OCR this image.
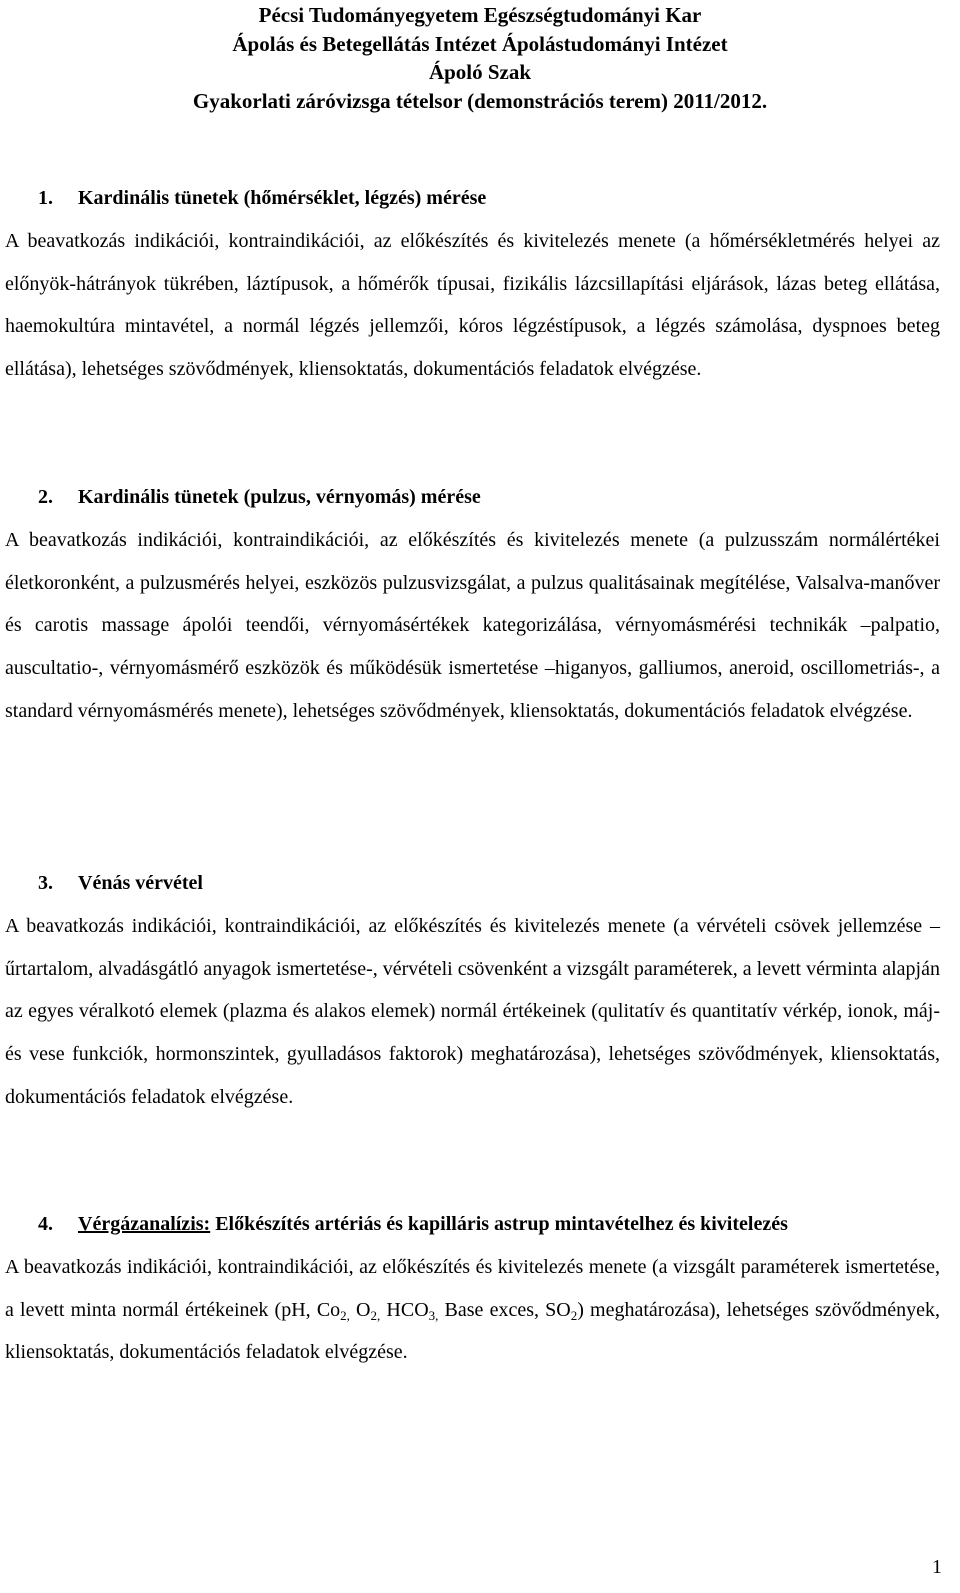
Pécsi Tudományegyetem Egészségtudományi Kar
Ápolás és Betegellátás Intézet Ápolástudományi Intézet
Ápoló Szak
Gyakorlati záróvizsga tételsor (demonstrációs terem) 2011/2012.
1. Kardinális tünetek (hőmérséklet, légzés) mérése
A beavatkozás indikációi, kontraindikációi, az előkészítés és kivitelezés menete (a hőmérsékletmérés helyei az előnyök-hátrányok tükrében, láztípusok, a hőmérők típusai, fizikális lázcsillapítási eljárások, lázas beteg ellátása, haemokultúra mintavétel, a normál légzés jellemzői, kóros légzéstípusok, a légzés számolása, dyspnoes beteg ellátása), lehetséges szövődmények, kliensoktatás, dokumentációs feladatok elvégzése.
2. Kardinális tünetek (pulzus, vérnyomás) mérése
A beavatkozás indikációi, kontraindikációi, az előkészítés és kivitelezés menete (a pulzusszám normálértékei életkoronként, a pulzusmérés helyei, eszközös pulzusvizsgálat, a pulzus qualitásainak megítélése, Valsalva-manőver és carotis massage ápolói teendői, vérnyomásértékek kategorizálása, vérnyomásmérési technikák –palpatio, auscultatio-, vérnyomásmérő eszközök és működésük ismertetése –higanyos, galliumos, aneroid, oscillometriás-, a standard vérnyomásmérés menete), lehetséges szövődmények, kliensoktatás, dokumentációs feladatok elvégzése.
3. Vénás vérvétel
A beavatkozás indikációi, kontraindikációi, az előkészítés és kivitelezés menete (a vérvételi csövek jellemzése –űrtartalom, alvadásgátló anyagok ismertetése-, vérvételi csövenként a vizsgált paraméterek, a levett vérminta alapján az egyes véralkotó elemek (plazma és alakos elemek) normál értékeinek (qulitatív és quantitatív vérkép, ionok, máj-és vese funkciók, hormonszintek, gyulladásos faktorok) meghatározása), lehetséges szövődmények, kliensoktatás, dokumentációs feladatok elvégzése.
4. Vérgázanalízis: Előkészítés artériás és kapilláris astrup mintavételhez és kivitelezés
A beavatkozás indikációi, kontraindikációi, az előkészítés és kivitelezés menete (a vizsgált paraméterek ismertetése, a levett minta normál értékeinek (pH, $Co_{2,}$ $O_{2,}$ $HCO_{3,}$ Base exces, $SO_2$) meghatározása), lehetséges szövődmények, kliensoktatás, dokumentációs feladatok elvégzése.
1
